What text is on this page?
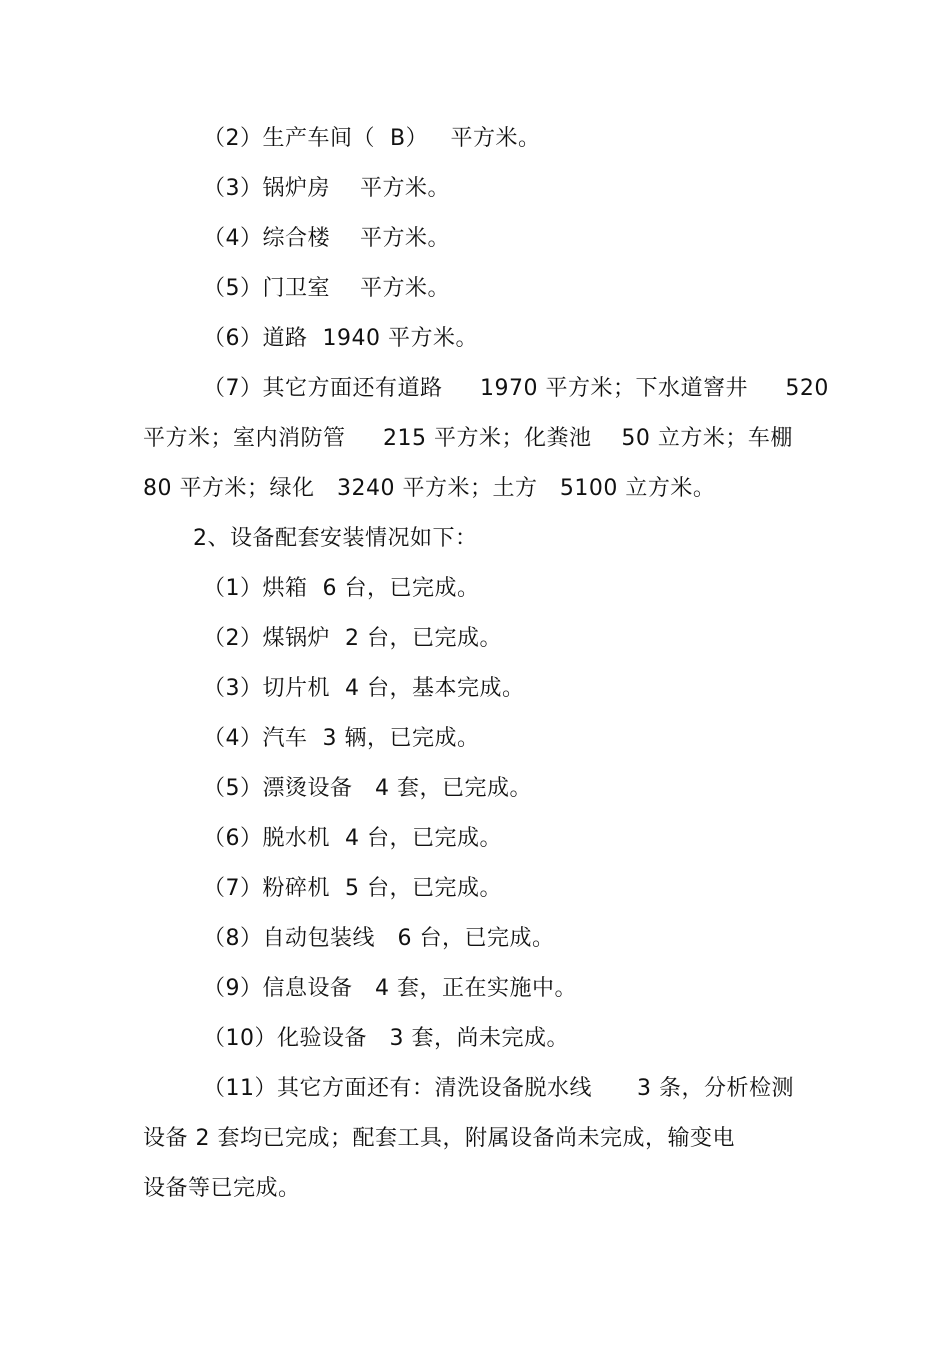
（2）生产车间（  B）   平方米。
（3）锅炉房    平方米。
（4）综合楼    平方米。
（5）门卫室    平方米。
（6）道路  1940 平方米。
（7）其它方面还有道路     1970 平方米；下水道窨井     520
平方米；室内消防管     215 平方米；化粪池    50 立方米；车棚
80 平方米；绿化   3240 平方米；土方   5100 立方米。
2、设备配套安装情况如下：
（1）烘箱  6 台，已完成。
（2）煤锅炉  2 台，已完成。
（3）切片机  4 台，基本完成。
（4）汽车  3 辆，已完成。
（5）漂烫设备   4 套，已完成。
（6）脱水机  4 台，已完成。
（7）粉碎机  5 台，已完成。
（8）自动包装线   6 台，已完成。
（9）信息设备   4 套，正在实施中。
（10）化验设备   3 套，尚未完成。
（11）其它方面还有：清洗设备脱水线      3 条，分析检测
设备 2 套均已完成；配套工具，附属设备尚未完成，输变电
设备等已完成。
